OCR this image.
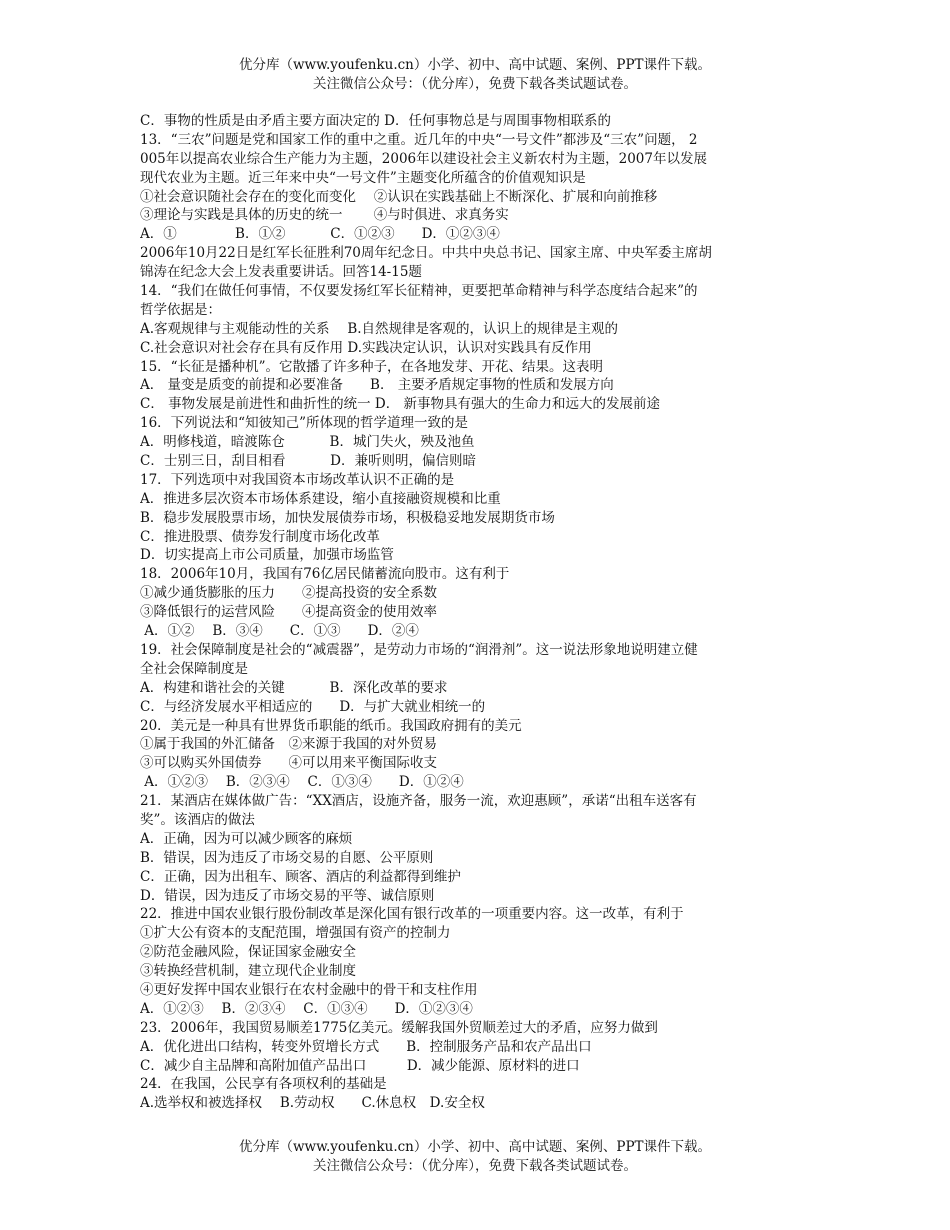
优分库（www.youfenku.cn）小学、初中、高中试题、案例、PPT课件下载。
关注微信公众号：（优分库），免费下载各类试题试卷。
C．事物的性质是由矛盾主要方面决定的 D．任何事物总是与周围事物相联系的
13．“三农”问题是党和国家工作的重中之重。近几年的中央“一号文件”都涉及“三农”问题， 2
005年以提高农业综合生产能力为主题，2006年以建设社会主义新农村为主题，2007年以发展
现代农业为主题。近三年来中央“一号文件”主题变化所蕴含的价值观知识是
①社会意识随社会存在的变化而变化　 ②认识在实践基础上不断深化、扩展和向前推移
③理论与实践是具体的历史的统一　　 ④与时俱进、求真务实
A．①　　　　 B．①②　　　 C．①②③　　D．①②③④
2006年10月22日是红军长征胜利70周年纪念日。中共中央总书记、国家主席、中央军委主席胡
锦涛在纪念大会上发表重要讲话。回答14-15题
14．“我们在做任何事情，不仅要发扬红军长征精神，更要把革命精神与科学态度结合起来”的
哲学依据是：
A.客观规律与主观能动性的关系　 B.自然规律是客观的，认识上的规律是主观的
C.社会意识对社会存在具有反作用 D.实践决定认识，认识对实践具有反作用
15．“长征是播种机”。它散播了许多种子，在各地发芽、开花、结果。这表明
A． 量变是质变的前提和必要准备　　B． 主要矛盾规定事物的性质和发展方向
C． 事物发展是前进性和曲折性的统一 D． 新事物具有强大的生命力和远大的发展前途
16．下列说法和“知彼知己”所体现的哲学道理一致的是
A．明修栈道，暗渡陈仓　　　 B．城门失火，殃及池鱼
C．士别三日，刮目相看　　　 D．兼听则明，偏信则暗
17．下列选项中对我国资本市场改革认识不正确的是
A．推进多层次资本市场体系建设，缩小直接融资规模和比重
B．稳步发展股票市场，加快发展债券市场，积极稳妥地发展期货市场
C．推进股票、债券发行制度市场化改革
D．切实提高上市公司质量，加强市场监管
18．2006年10月，我国有76亿居民储蓄流向股市。这有利于
①减少通货膨胀的压力　　②提高投资的安全系数
③降低银行的运营风险　　④提高资金的使用效率
A．①②　 B．③④　　C．①③　　D．②④
19．社会保障制度是社会的“减震器”，是劳动力市场的“润滑剂”。这一说法形象地说明建立健
全社会保障制度是
A．构建和谐社会的关键　　　 B．深化改革的要求
C．与经济发展水平相适应的　　D．与扩大就业相统一的
20．美元是一种具有世界货币职能的纸币。我国政府拥有的美元
①属于我国的外汇储备　②来源于我国的对外贸易
③可以购买外国债券　　④可以用来平衡国际收支
A．①②③　 B．②③④　 C．①③④　　D．①②④
21．某酒店在媒体做广告：“XX酒店，设施齐备，服务一流，欢迎惠顾”，承诺“出租车送客有
奖”。该酒店的做法
A．正确，因为可以减少顾客的麻烦
B．错误，因为违反了市场交易的自愿、公平原则
C．正确，因为出租车、顾客、酒店的利益都得到维护
D．错误，因为违反了市场交易的平等、诚信原则
22．推进中国农业银行股份制改革是深化国有银行改革的一项重要内容。这一改革，有利于
①扩大公有资本的支配范围，增强国有资产的控制力
②防范金融风险，保证国家金融安全
③转换经营机制，建立现代企业制度
④更好发挥中国农业银行在农村金融中的骨干和支柱作用
A．①②③　 B．②③④　 C．①③④　　D．①②③④
23．2006年，我国贸易顺差1775亿美元。缓解我国外贸顺差过大的矛盾，应努力做到
A．优化进出口结构，转变外贸增长方式　　B．控制服务产品和农产品出口
C．减少自主品牌和高附加值产品出口　　　D．减少能源、原材料的进口
24．在我国，公民享有各项权利的基础是
A.选举权和被选择权　 B.劳动权　　C.休息权　D.安全权
优分库（www.youfenku.cn）小学、初中、高中试题、案例、PPT课件下载。
关注微信公众号：（优分库），免费下载各类试题试卷。
